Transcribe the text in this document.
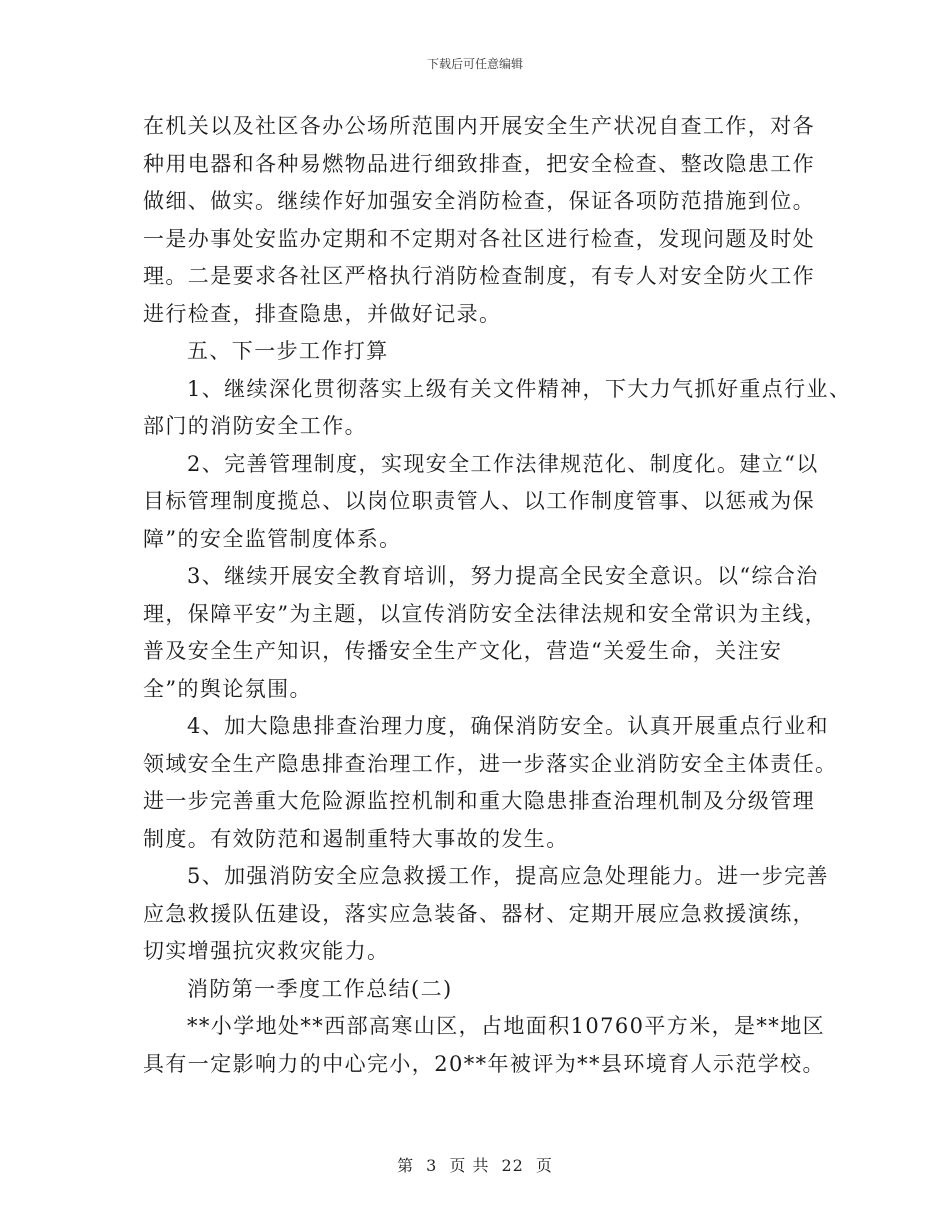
下载后可任意编辑
在机关以及社区各办公场所范围内开展安全生产状况自查工作，对各
种用电器和各种易燃物品进行细致排查，把安全检查、整改隐患工作
做细、做实。继续作好加强安全消防检查，保证各项防范措施到位。
一是办事处安监办定期和不定期对各社区进行检查，发现问题及时处
理。二是要求各社区严格执行消防检查制度，有专人对安全防火工作
进行检查，排查隐患，并做好记录。
五、下一步工作打算
1、继续深化贯彻落实上级有关文件精神，下大力气抓好重点行业、
部门的消防安全工作。
2、完善管理制度，实现安全工作法律规范化、制度化。建立“以
目标管理制度揽总、以岗位职责管人、以工作制度管事、以惩戒为保
障”的安全监管制度体系。
3、继续开展安全教育培训，努力提高全民安全意识。以“综合治
理，保障平安”为主题，以宣传消防安全法律法规和安全常识为主线，
普及安全生产知识，传播安全生产文化，营造“关爱生命，关注安
全”的舆论氛围。
4、加大隐患排查治理力度，确保消防安全。认真开展重点行业和
领域安全生产隐患排查治理工作，进一步落实企业消防安全主体责任。
进一步完善重大危险源监控机制和重大隐患排查治理机制及分级管理
制度。有效防范和遏制重特大事故的发生。
5、加强消防安全应急救援工作，提高应急处理能力。进一步完善
应急救援队伍建设，落实应急装备、器材、定期开展应急救援演练，
切实增强抗灾救灾能力。
消防第一季度工作总结(二)
**小学地处**西部高寒山区，占地面积10760平方米，是**地区
具有一定影响力的中心完小，20**年被评为**县环境育人示范学校。
第 3 页 共 22 页
